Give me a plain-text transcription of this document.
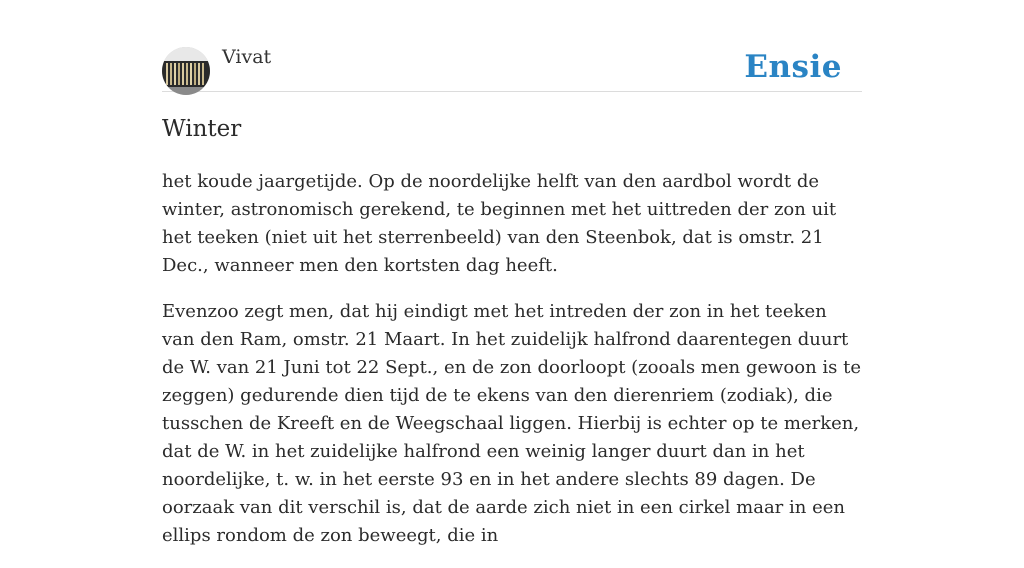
Vivat	Ensie
Winter

het koude jaargetijde. Op de noordelijke helft van den aardbol wordt de winter, astronomisch gerekend, te beginnen met het uittreden der zon uit het teeken (niet uit het sterrenbeeld) van den Steenbok, dat is omstr. 21 Dec., wanneer men den kortsten dag heeft.

Evenzoo zegt men, dat hij eindigt met het intreden der zon in het teeken van den Ram, omstr. 21 Maart. In het zuidelijk halfrond daarentegen duurt de W. van 21 Juni tot 22 Sept., en de zon doorloopt (zooals men gewoon is te zeggen) gedurende dien tijd de te ekens van den dierenriem (zodiak), die tusschen de Kreeft en de Weegschaal liggen. Hierbij is echter op te merken, dat de W. in het zuidelijke halfrond een weinig langer duurt dan in het noordelijke, t. w. in het eerste 93 en in het andere slechts 89 dagen. De oorzaak van dit verschil is, dat de aarde zich niet in een cirkel maar in een ellips rondom de zon beweegt, die in
